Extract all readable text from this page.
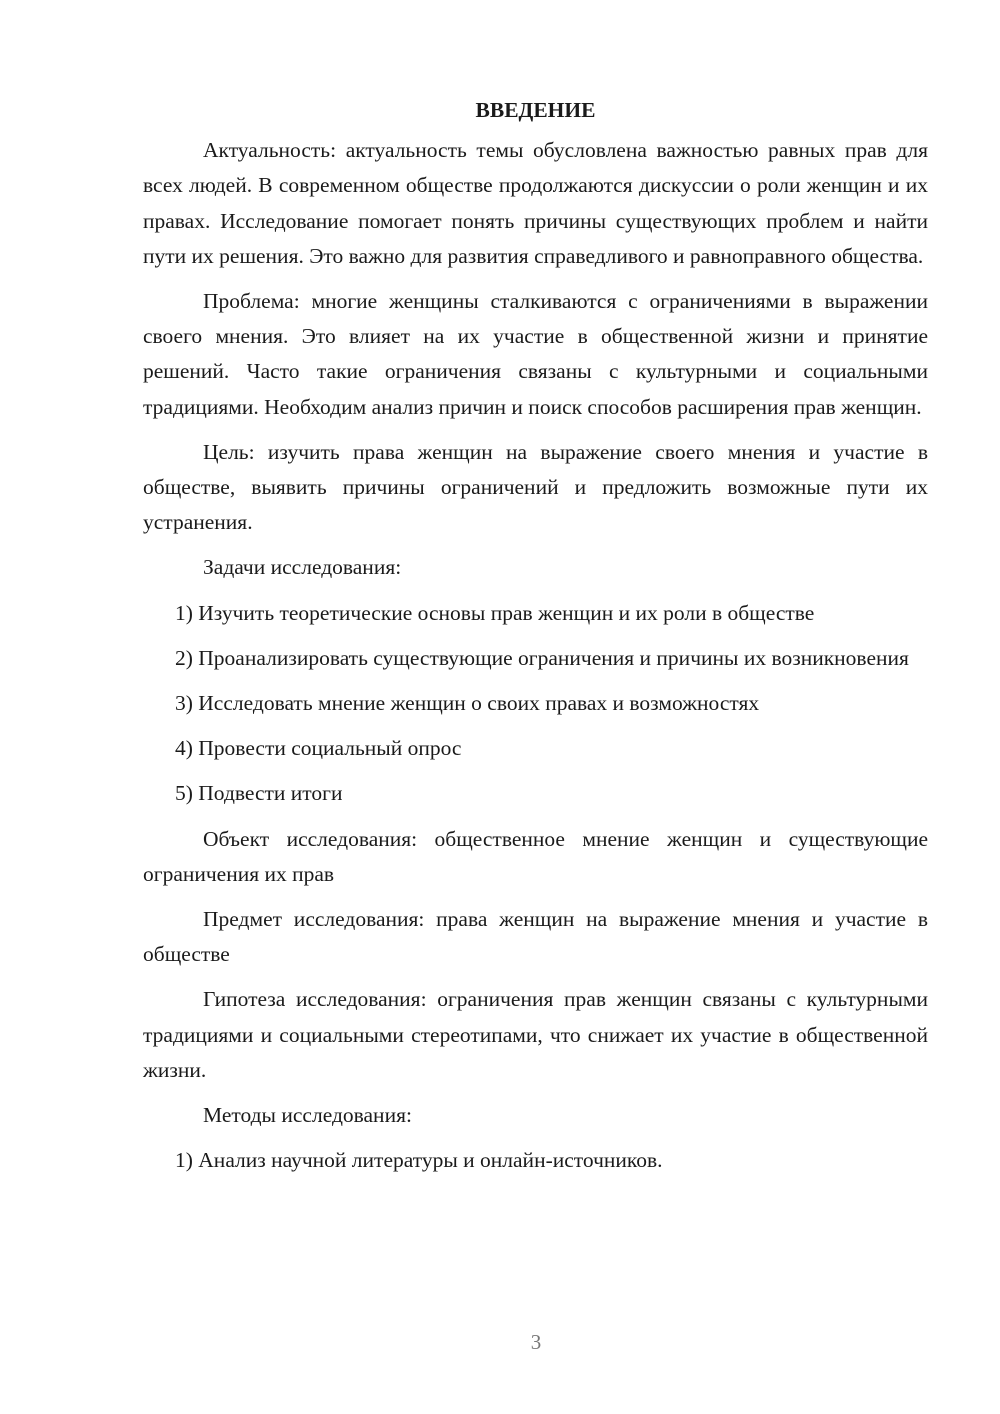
ВВЕДЕНИЕ

Актуальность: актуальность темы обусловлена важностью равных прав для всех людей. В современном обществе продолжаются дискуссии о роли женщин и их правах. Исследование помогает понять причины существующих проблем и найти пути их решения. Это важно для развития справедливого и равноправного общества.

Проблема: многие женщины сталкиваются с ограничениями в выражении своего мнения. Это влияет на их участие в общественной жизни и принятие решений. Часто такие ограничения связаны с культурными и социальными традициями. Необходим анализ причин и поиск способов расширения прав женщин.

Цель: изучить права женщин на выражение своего мнения и участие в обществе, выявить причины ограничений и предложить возможные пути их устранения.

Задачи исследования:

1) Изучить теоретические основы прав женщин и их роли в обществе

2) Проанализировать существующие ограничения и причины их возникновения

3) Исследовать мнение женщин о своих правах и возможностях

4) Провести социальный опрос

5) Подвести итоги

Объект исследования: общественное мнение женщин и существующие ограничения их прав

Предмет исследования: права женщин на выражение мнения и участие в обществе

Гипотеза исследования: ограничения прав женщин связаны с культурными традициями и социальными стереотипами, что снижает их участие в общественной жизни.

Методы исследования:

1) Анализ научной литературы и онлайн-источников.

3
